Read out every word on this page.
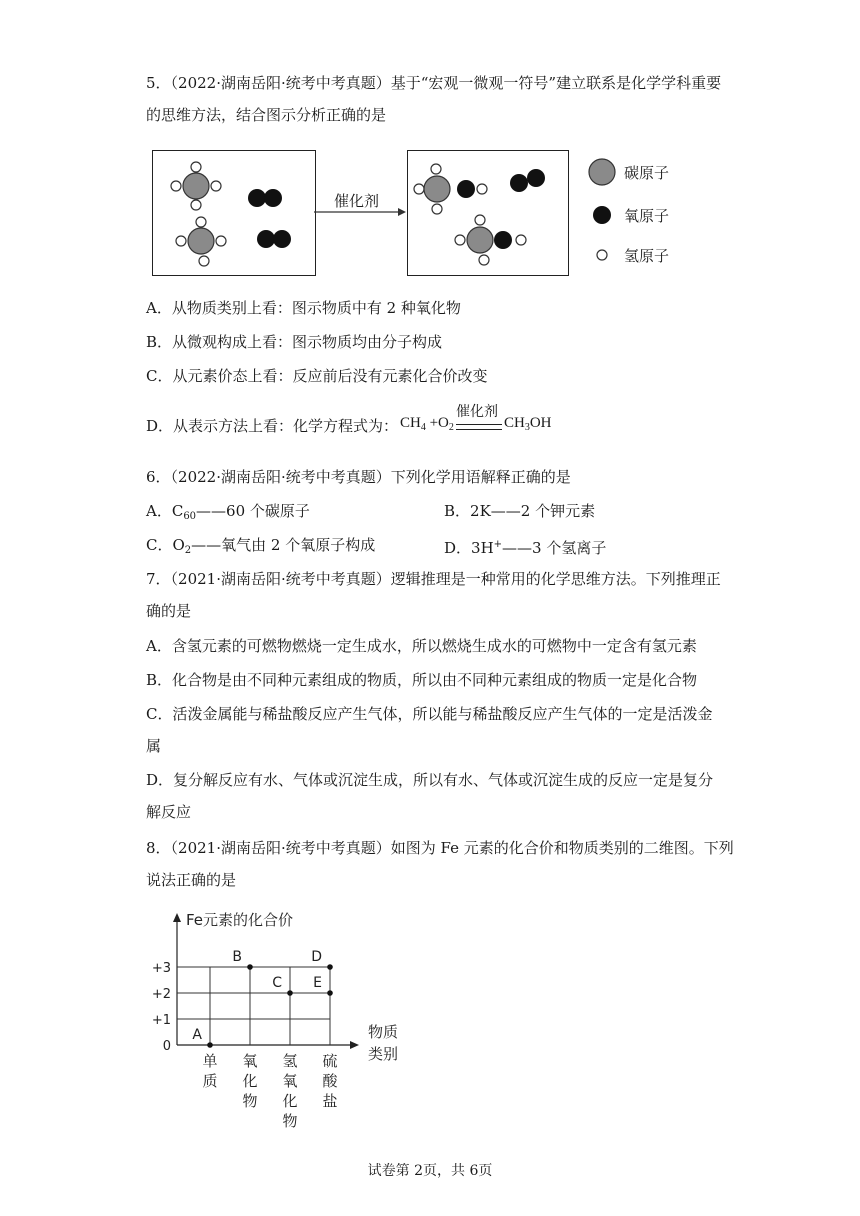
5．（2022·湖南岳阳·统考中考真题）基于“宏观一微观一符号”建立联系是化学学科重要
的思维方法，结合图示分析正确的是
催化剂
碳原子
氧原子
氢原子
A．从物质类别上看：图示物质中有 2 种氧化物
B．从微观构成上看：图示物质均由分子构成
C．从元素价态上看：反应前后没有元素化合价改变
D．从表示方法上看：化学方程式为： $CH_4 +O_2$
催化剂
$CH_3OH$
6．（2022·湖南岳阳·统考中考真题）下列化学用语解释正确的是
A．$C_{60}——60$ 个碳原子	B．2K——2 个钾元素
C．$O_2——$氧气由 2 个氧原子构成	D．3H+——3 个氢离子
7．（2021·湖南岳阳·统考中考真题）逻辑推理是一种常用的化学思维方法。下列推理正
确的是
A．含氢元素的可燃物燃烧一定生成水，所以燃烧生成水的可燃物中一定含有氢元素
B．化合物是由不同种元素组成的物质，所以由不同种元素组成的物质一定是化合物
C．活泼金属能与稀盐酸反应产生气体，所以能与稀盐酸反应产生气体的一定是活泼金
属
D．复分解反应有水、气体或沉淀生成，所以有水、气体或沉淀生成的反应一定是复分
解反应
8．（2021·湖南岳阳·统考中考真题）如图为 Fe 元素的化合价和物质类别的二维图。下列
说法正确的是
0
+1
+2
+3
Fe元素的化合价
物质
类别
单
质
氧
化
物
氢
氧
化
物
硫
酸
盐
A
B
C
D
E
试卷第 2页，共 6页
